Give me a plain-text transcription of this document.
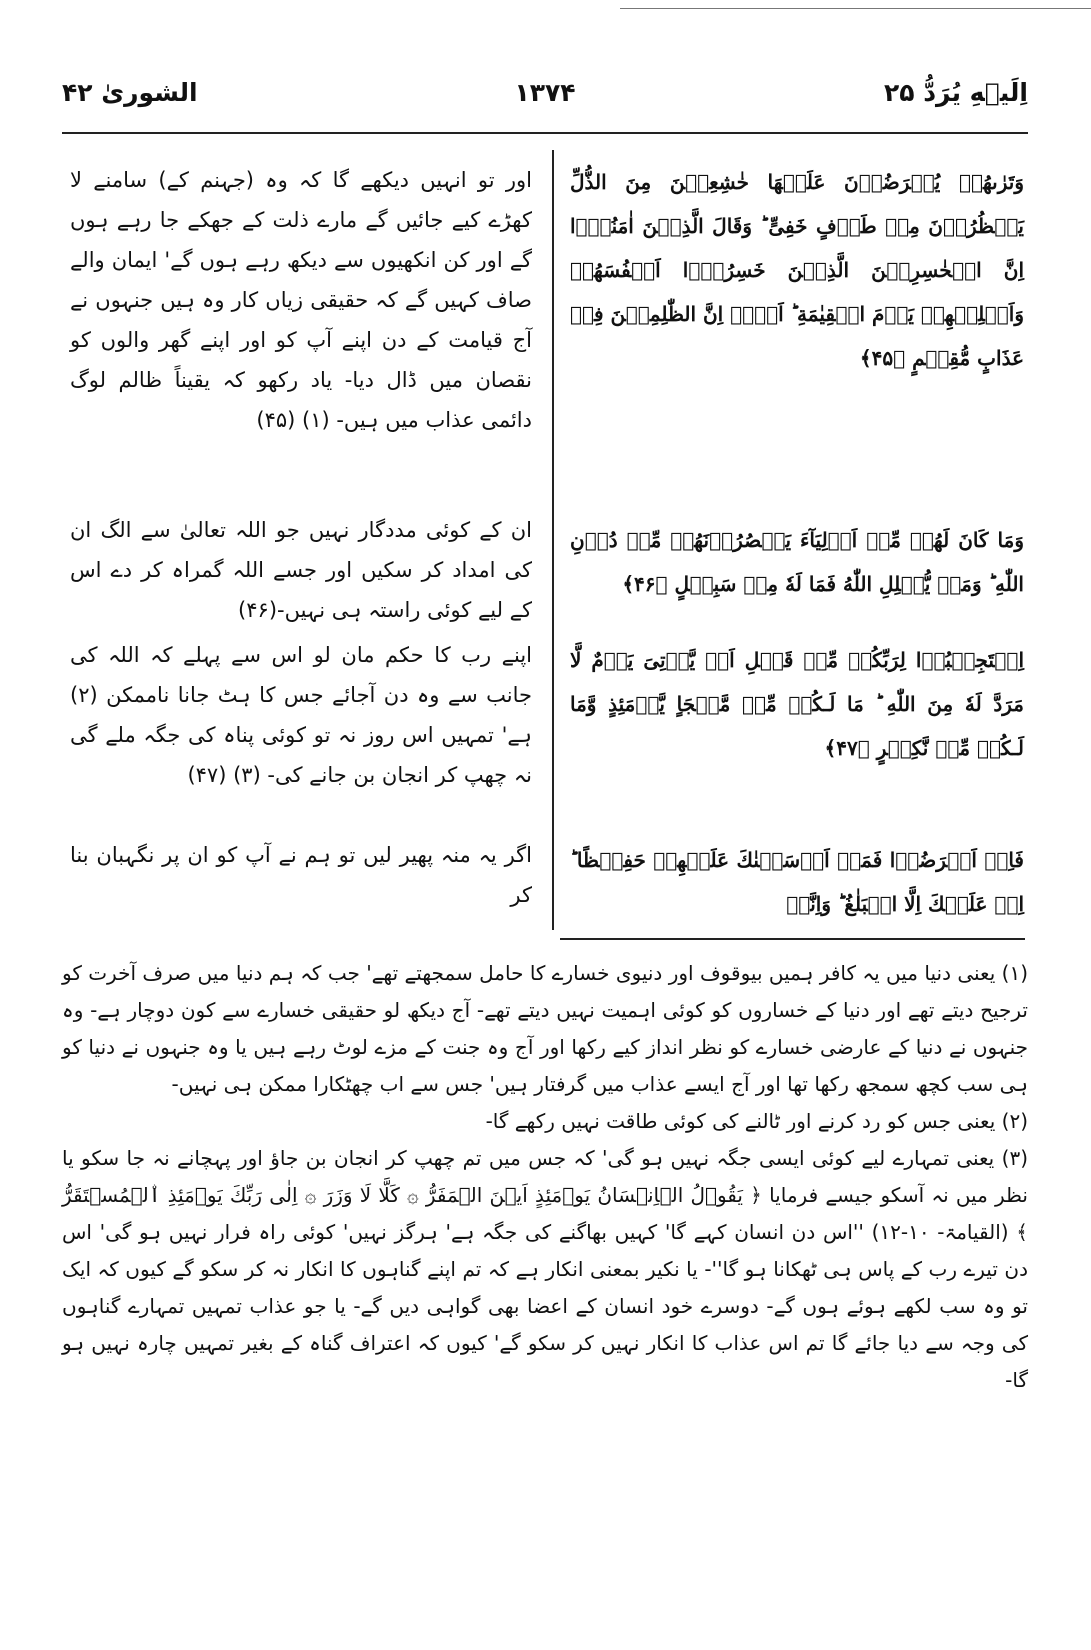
اِلَیۡهِ یُرَدُّ ۲۵
۱۳۷۴
الشوریٰ ۴۲
وَتَرٰىهُمۡ يُعۡرَضُوۡنَ عَلَيۡهَا خٰشِعِيۡنَ مِنَ الذُّلِّ يَنۡظُرُوۡنَ مِنۡ طَرۡفٍ خَفِىٍّ‌ ؕ وَقَالَ الَّذِيۡنَ اٰمَنُوۡۤا اِنَّ الۡخٰسِرِيۡنَ الَّذِيۡنَ خَسِرُوۡۤا اَنۡفُسَهُمۡ وَاَهۡلِيۡهِمۡ يَوۡمَ الۡقِيٰمَةِ‌ ؕ اَلَاۤ اِنَّ الظّٰلِمِيۡنَ فِىۡ عَذَابٍ مُّقِيۡمٍ ﴿۴۵﴾
وَمَا كَانَ لَهُمۡ مِّنۡ اَوۡلِيَآءَ يَنۡصُرُوۡنَهُمۡ مِّنۡ دُوۡنِ اللّٰهِ‌ ؕ وَمَنۡ يُّضۡلِلِ اللّٰهُ فَمَا لَهٗ مِنۡ سَبِيۡلٍ ﴿۴۶﴾
اِسۡتَجِيۡبُوۡا لِرَبِّكُمۡ مِّنۡ قَبۡلِ اَنۡ يَّاۡتِىَ يَوۡمٌ لَّا مَرَدَّ لَهٗ مِنَ اللّٰهِ‌ ؕ مَا لَـكُمۡ مِّنۡ مَّلۡجَاٍ يَّوۡمَئِذٍ وَّمَا لَـكُمۡ مِّنۡ نَّكِيۡرٍ ﴿۴۷﴾
فَاِنۡ اَعۡرَضُوۡا فَمَاۤ اَرۡسَلۡنٰكَ عَلَيۡهِمۡ حَفِيۡظًا‌ ؕ اِنۡ عَلَيۡكَ اِلَّا الۡبَلٰغُ‌ ؕ وَاِنَّاۤ
اور تو انہیں دیکھے گا کہ وہ (جہنم کے) سامنے لا کھڑے کیے جائیں گے مارے ذلت کے جھکے جا رہے ہوں گے اور کن انکھیوں سے دیکھ رہے ہوں گے' ایمان والے صاف کہیں گے کہ حقیقی زیاں کار وہ ہیں جنہوں نے آج قیامت کے دن اپنے آپ کو اور اپنے گھر والوں کو نقصان میں ڈال دیا- یاد رکھو کہ یقیناً ظالم لوگ دائمی عذاب میں ہیں- (۱) (۴۵)
ان کے کوئی مددگار نہیں جو اللہ تعالیٰ سے الگ ان کی امداد کر سکیں اور جسے اللہ گمراہ کر دے اس کے لیے کوئی راستہ ہی نہیں-(۴۶)
اپنے رب کا حکم مان لو اس سے پہلے کہ اللہ کی جانب سے وہ دن آجائے جس کا ہٹ جانا ناممکن (۲) ہے' تمہیں اس روز نہ تو کوئی پناہ کی جگہ ملے گی نہ چھپ کر انجان بن جانے کی- (۳) (۴۷)
اگر یہ منہ پھیر لیں تو ہم نے آپ کو ان پر نگہبان بنا کر

(۱) یعنی دنیا میں یہ کافر ہمیں بیوقوف اور دنیوی خسارے کا حامل سمجھتے تھے' جب کہ ہم دنیا میں صرف آخرت کو ترجیح دیتے تھے اور دنیا کے خساروں کو کوئی اہمیت نہیں دیتے تھے- آج دیکھ لو حقیقی خسارے سے کون دوچار ہے- وہ جنہوں نے دنیا کے عارضی خسارے کو نظر انداز کیے رکھا اور آج وہ جنت کے مزے لوٹ رہے ہیں یا وہ جنہوں نے دنیا کو ہی سب کچھ سمجھ رکھا تھا اور آج ایسے عذاب میں گرفتار ہیں' جس سے اب چھٹکارا ممکن ہی نہیں-

(۲) یعنی جس کو رد کرنے اور ٹالنے کی کوئی طاقت نہیں رکھے گا-

(۳) یعنی تمہارے لیے کوئی ایسی جگہ نہیں ہو گی' کہ جس میں تم چھپ کر انجان بن جاؤ اور پہچانے نہ جا سکو یا نظر میں نہ آسکو جیسے فرمایا ﴿ يَقُوۡلُ الۡاِنۡسَانُ يَوۡمَئِذٍ اَيۡنَ الۡمَفَرُّ‌ ۞ كَلَّا لَا وَزَرَ ۞ اِلٰى رَبِّكَ يَوۡمَئِذِ اۨلۡمُسۡتَقَرُّ ﴾ (القیامۃ- ۱۰-۱۲) ''اس دن انسان کہے گا' کہیں بھاگنے کی جگہ ہے' ہرگز نہیں' کوئی راہ فرار نہیں ہو گی' اس دن تیرے رب کے پاس ہی ٹھکانا ہو گا''- یا نکیر بمعنی انکار ہے کہ تم اپنے گناہوں کا انکار نہ کر سکو گے کیوں کہ ایک تو وہ سب لکھے ہوئے ہوں گے- دوسرے خود انسان کے اعضا بھی گواہی دیں گے- یا جو عذاب تمہیں تمہارے گناہوں کی وجہ سے دیا جائے گا تم اس عذاب کا انکار نہیں کر سکو گے' کیوں کہ اعتراف گناہ کے بغیر تمہیں چارہ نہیں ہو گا-
